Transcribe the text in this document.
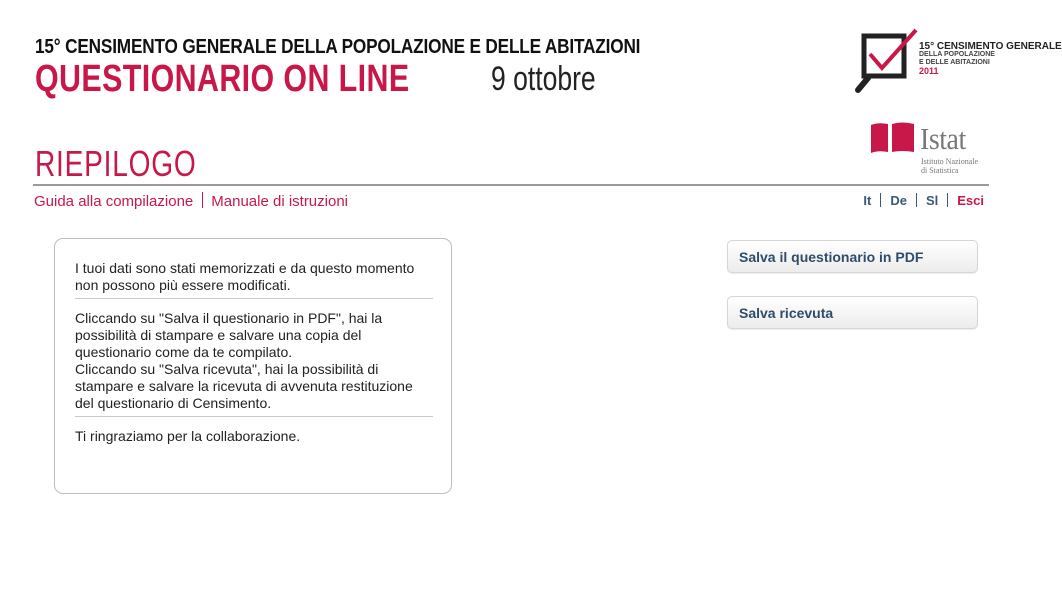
15° CENSIMENTO GENERALE DELLA POPOLAZIONE E DELLE ABITAZIONI
QUESTIONARIO ON LINE 9 ottobre
15° CENSIMENTO GENERALE
DELLA POPOLAZIONE
E DELLE ABITAZIONI
2011
Istat
Istituto Nazionale
di Statistica
RIEPILOGO
Guida alla compilazione Manuale di istruzioni	It De Sl Esci

I tuoi dati sono stati memorizzati e da questo momento non possono più essere modificati.

Cliccando su "Salva il questionario in PDF", hai la possibilità di stampare e salvare una copia del questionario come da te compilato.

Cliccando su "Salva ricevuta", hai la possibilità di stampare e salvare la ricevuta di avvenuta restituzione del questionario di Censimento.

Ti ringraziamo per la collaborazione.

Salva il questionario in PDF
Salva ricevuta
